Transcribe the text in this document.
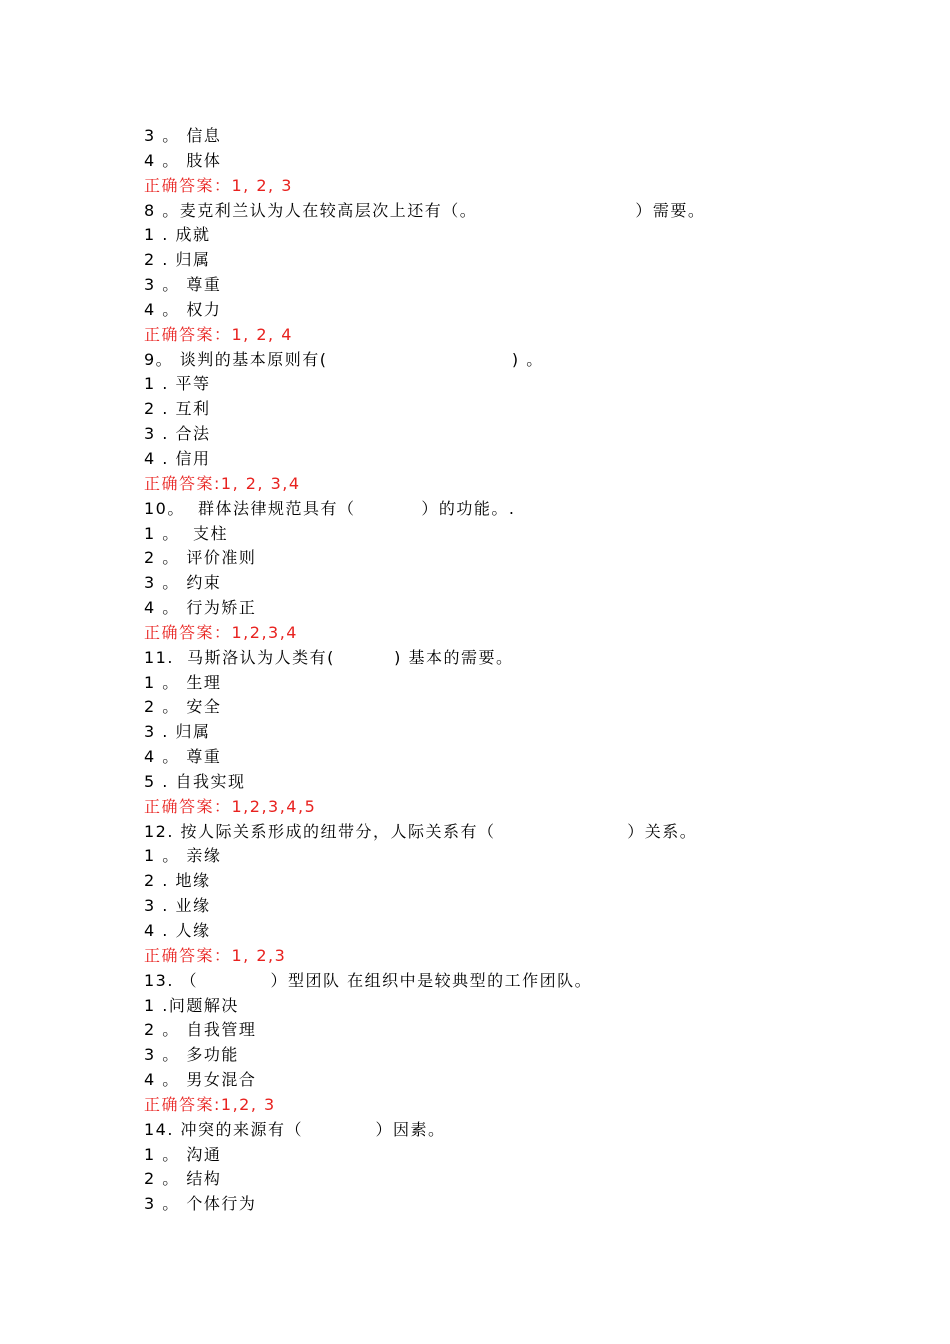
3 。 信息
4 。 肢体
正确答案：1, 2, 3
8 。麦克利兰认为人在较高层次上还有（。                        ）需要。
1 . 成就
2 . 归属
3 。 尊重
4 。 权力
正确答案：1, 2, 4
9。 谈判的基本原则有(                            ) 。
1 . 平等
2 . 互利
3 . 合法
4 . 信用
正确答案:1, 2, 3,4
10。  群体法律规范具有（          ）的功能。.
1 。  支柱
2 。 评价准则
3 。 约束
4 。 行为矫正
正确答案：1,2,3,4
11.  马斯洛认为人类有(         ) 基本的需要。
1 。 生理
2 。 安全
3 . 归属
4 。 尊重
5 . 自我实现
正确答案：1,2,3,4,5
12. 按人际关系形成的纽带分，人际关系有（                    ）关系。
1 。 亲缘
2 . 地缘
3 . 业缘
4 . 人缘
正确答案：1, 2,3
13. （           ）型团队 在组织中是较典型的工作团队。
1 .问题解决
2 。 自我管理
3 。 多功能
4 。 男女混合
正确答案:1,2, 3
14. 冲突的来源有（           ）因素。
1 。 沟通
2 。 结构
3 。 个体行为
